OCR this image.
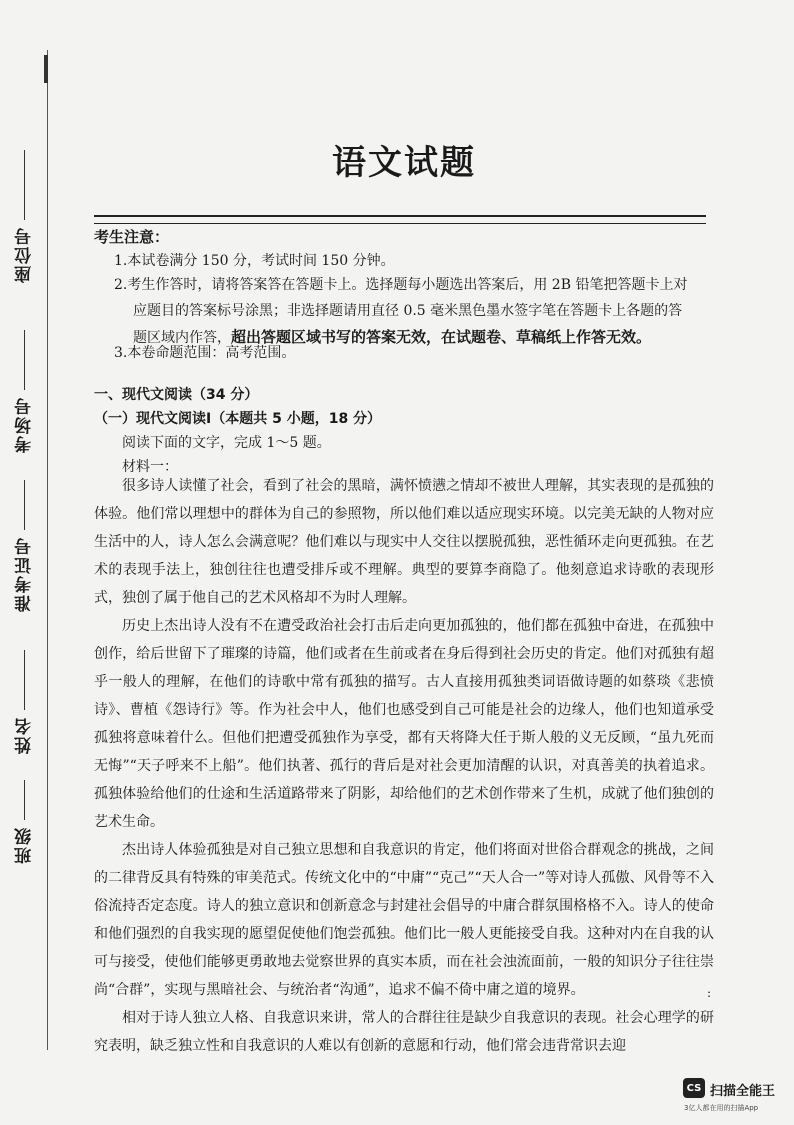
座位号
考场号
准考证号
姓名
班级
语文试题
考生注意：
1.本试卷满分 150 分，考试时间 150 分钟。
2.考生作答时，请将答案答在答题卡上。选择题每小题选出答案后，用 2B 铅笔把答题卡上对
应题目的答案标号涂黑；非选择题请用直径 0.5 毫米黑色墨水签字笔在答题卡上各题的答
题区域内作答，超出答题区域书写的答案无效，在试题卷、草稿纸上作答无效。
3.本卷命题范围：高考范围。
一、现代文阅读（34 分）
（一）现代文阅读Ⅰ（本题共 5 小题，18 分）
阅读下面的文字，完成 1～5 题。
材料一：

很多诗人读懂了社会，看到了社会的黑暗，满怀愤懑之情却不被世人理解，其实表现的是孤独的体验。他们常以理想中的群体为自己的参照物，所以他们难以适应现实环境。以完美无缺的人物对应生活中的人，诗人怎么会满意呢？他们难以与现实中人交往以摆脱孤独，恶性循环走向更孤独。在艺术的表现手法上，独创往往也遭受排斥或不理解。典型的要算李商隐了。他刻意追求诗歌的表现形式，独创了属于他自己的艺术风格却不为时人理解。

历史上杰出诗人没有不在遭受政治社会打击后走向更加孤独的，他们都在孤独中奋进，在孤独中创作，给后世留下了璀璨的诗篇，他们或者在生前或者在身后得到社会历史的肯定。他们对孤独有超乎一般人的理解，在他们的诗歌中常有孤独的描写。古人直接用孤独类词语做诗题的如蔡琰《悲愤诗》、曹植《怨诗行》等。作为社会中人，他们也感受到自己可能是社会的边缘人，他们也知道承受孤独将意味着什么。但他们把遭受孤独作为享受，都有天将降大任于斯人般的义无反顾，“虽九死而无悔”“天子呼来不上船”。他们执著、孤行的背后是对社会更加清醒的认识，对真善美的执着追求。孤独体验给他们的仕途和生活道路带来了阴影，却给他们的艺术创作带来了生机，成就了他们独创的艺术生命。

杰出诗人体验孤独是对自己独立思想和自我意识的肯定，他们将面对世俗合群观念的挑战，之间的二律背反具有特殊的审美范式。传统文化中的“中庸”“克己”“天人合一”等对诗人孤傲、风骨等不入俗流持否定态度。诗人的独立意识和创新意念与封建社会倡导的中庸合群氛围格格不入。诗人的使命和他们强烈的自我实现的愿望促使他们饱尝孤独。他们比一般人更能接受自我。这种对内在自我的认可与接受，使他们能够更勇敢地去觉察世界的真实本质，而在社会浊流面前，一般的知识分子往往崇尚“合群”，实现与黑暗社会、与统治者“沟通”，追求不偏不倚中庸之道的境界。

相对于诗人独立人格、自我意识来讲，常人的合群往往是缺少自我意识的表现。社会心理学的研究表明，缺乏独立性和自我意识的人难以有创新的意愿和行动，他们常会违背常识去迎

:
CS 扫描全能王
3亿人都在用的扫描App
